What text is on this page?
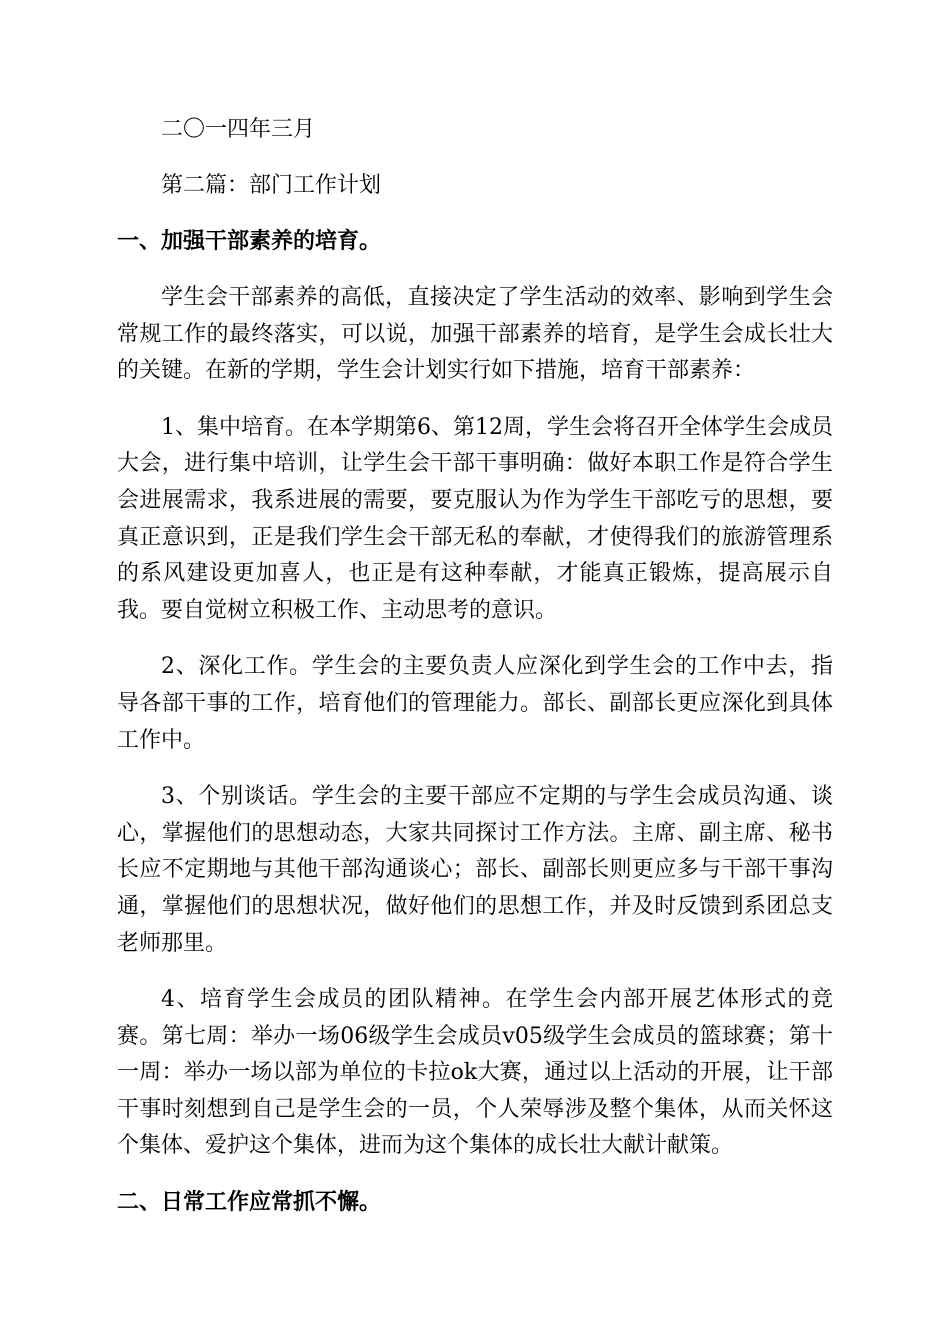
二〇一四年三月

第二篇：部门工作计划

一、加强干部素养的培育。

学生会干部素养的高低，直接决定了学生活动的效率、影响到学生会常规工作的最终落实，可以说，加强干部素养的培育，是学生会成长壮大的关键。在新的学期，学生会计划实行如下措施，培育干部素养：

1、集中培育。在本学期第6、第12周，学生会将召开全体学生会成员大会，进行集中培训，让学生会干部干事明确：做好本职工作是符合学生会进展需求，我系进展的需要，要克服认为作为学生干部吃亏的思想，要真正意识到，正是我们学生会干部无私的奉献，才使得我们的旅游管理系的系风建设更加喜人，也正是有这种奉献，才能真正锻炼，提高展示自我。要自觉树立积极工作、主动思考的意识。

2、深化工作。学生会的主要负责人应深化到学生会的工作中去，指导各部干事的工作，培育他们的管理能力。部长、副部长更应深化到具体工作中。

3、个别谈话。学生会的主要干部应不定期的与学生会成员沟通、谈心，掌握他们的思想动态，大家共同探讨工作方法。主席、副主席、秘书长应不定期地与其他干部沟通谈心；部长、副部长则更应多与干部干事沟通，掌握他们的思想状况，做好他们的思想工作，并及时反馈到系团总支老师那里。

4、培育学生会成员的团队精神。在学生会内部开展艺体形式的竞赛。第七周：举办一场06级学生会成员v05级学生会成员的篮球赛；第十一周：举办一场以部为单位的卡拉ok大赛，通过以上活动的开展，让干部干事时刻想到自己是学生会的一员，个人荣辱涉及整个集体，从而关怀这个集体、爱护这个集体，进而为这个集体的成长壮大献计献策。

二、日常工作应常抓不懈。
